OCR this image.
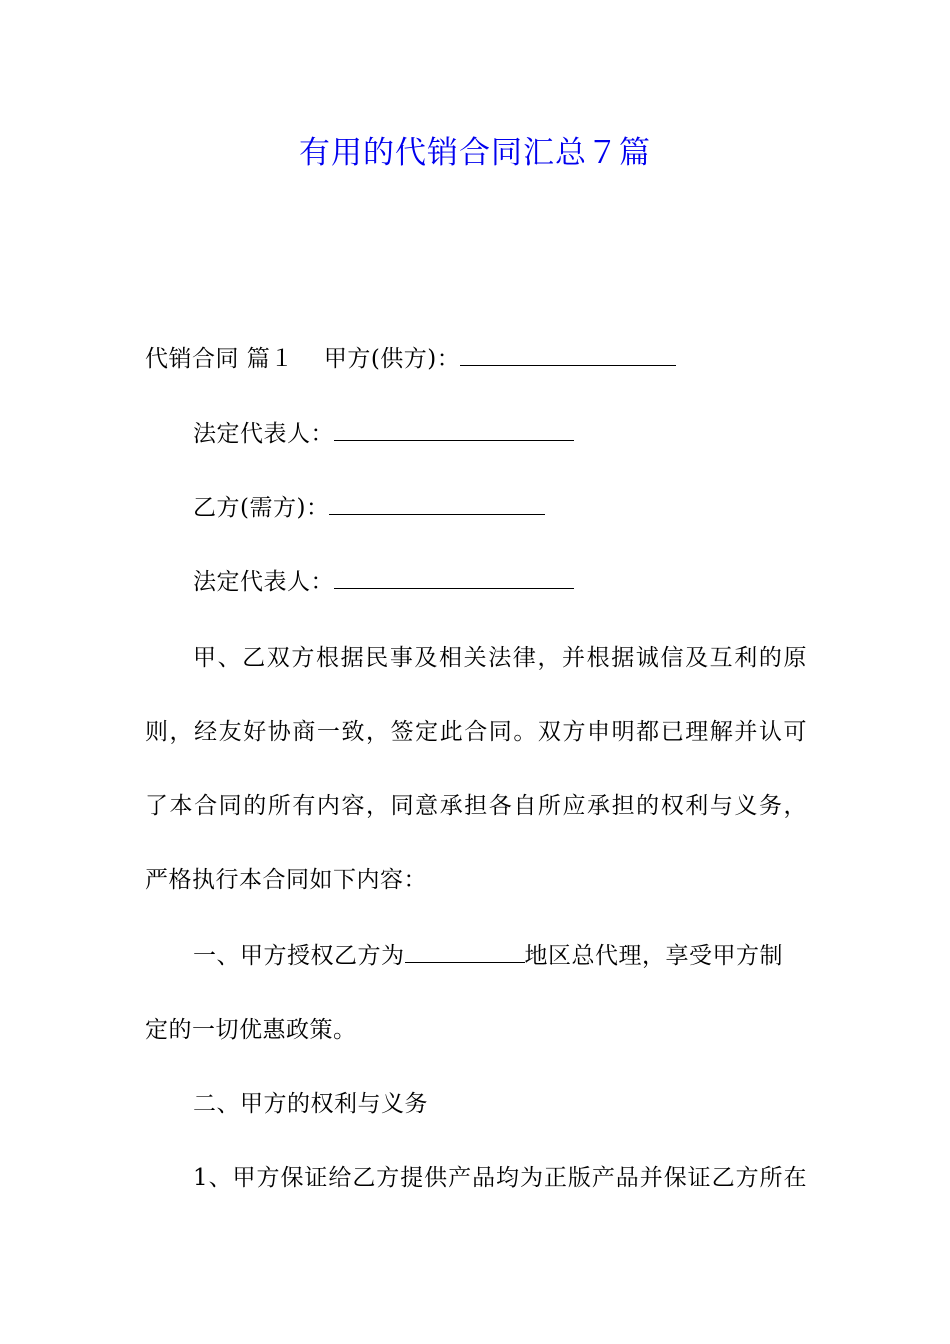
有用的代销合同汇总７篇
代销合同 篇１ 甲方(供方)：
法定代表人：
乙方(需方)：
法定代表人：
甲、乙双方根据民事及相关法律，并根据诚信及互利的原
则，经友好协商一致，签定此合同。双方申明都已理解并认可
了本合同的所有内容，同意承担各自所应承担的权利与义务，
严格执行本合同如下内容：
一、甲方授权乙方为	地区总代理，享受甲方制
定的一切优惠政策。
二、甲方的权利与义务
1、甲方保证给乙方提供产品均为正版产品并保证乙方所在
